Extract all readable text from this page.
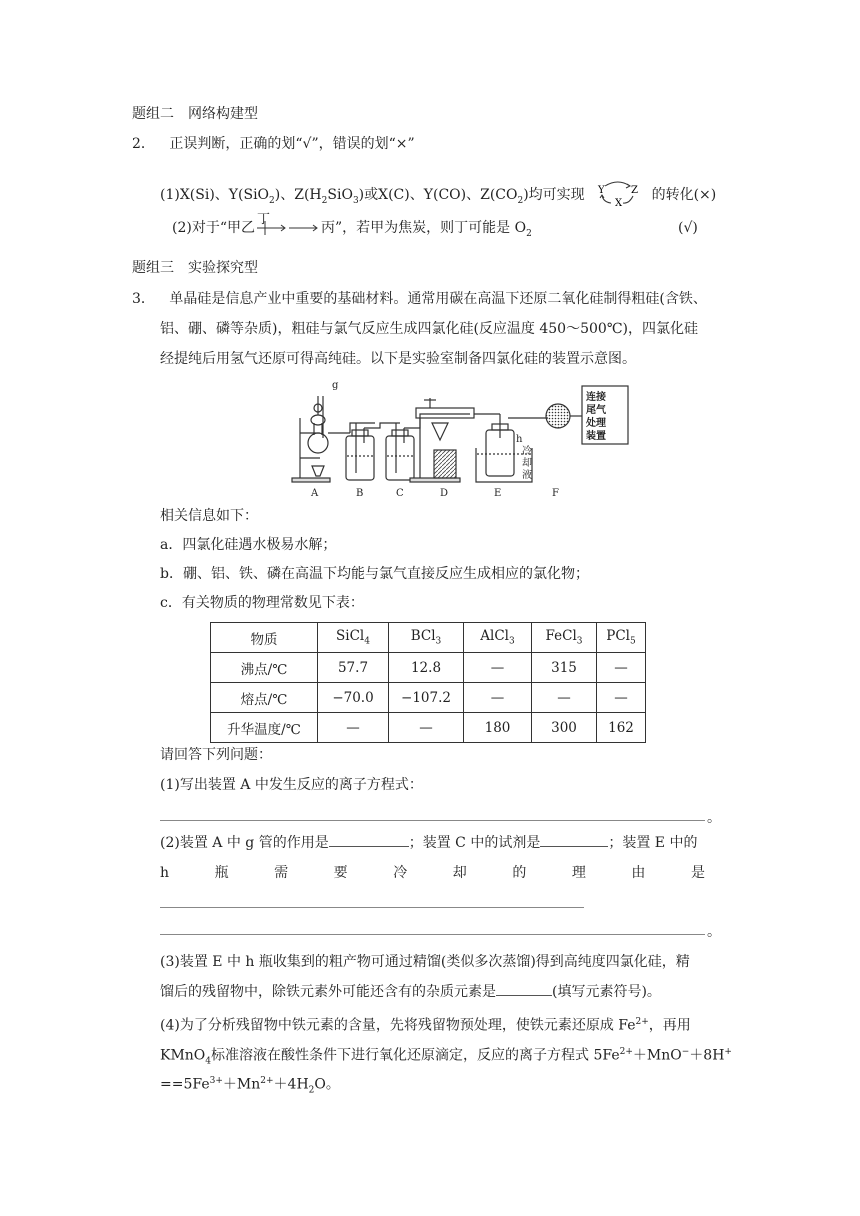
题组二　网络构建型
2． 正误判断，正确的划“√”，错误的划“×”
(1)X(Si)、Y(SiO$_2$)、$Z(H_2SiO_3)$或X(C)、Y(CO)、$Z(CO_2)$均可实现 Y	Z
X
的转化(×)
(2)对于“甲乙
丁
丙”，若甲为焦炭，则丁可能是 $O_2$	(√)
题组三　实验探究型
3． 单晶硅是信息产业中重要的基础材料。通常用碳在高温下还原二氧化硅制得粗硅(含铁、
铝、硼、磷等杂质)，粗硅与氯气反应生成四氯化硅(反应温度 450～500℃)，四氯化硅
经提纯后用氢气还原可得高纯硅。以下是实验室制备四氯化硅的装置示意图。
g
h
冷
却
液
A	B	C	D	E	F
连接
尾气
处理
装置
相关信息如下：
a．四氯化硅遇水极易水解；
b．硼、铝、铁、磷在高温下均能与氯气直接反应生成相应的氯化物；
c．有关物质的物理常数见下表：
物质	SiCl$_4$	BCl$_3$	AlCl$_3$	FeCl$_3$	PCl$_5$
沸点/℃	57.7	12.8	—	315	—
熔点/℃	−70.0	−107.2	—	—	—
升华温度/℃	—	—	180	300	162
请回答下列问题：
(1)写出装置 A 中发生反应的离子方程式：
。
(2)装置 A 中 g 管的作用是	；装置 C 中的试剂是	；装置 E 中的
h	瓶	需	要	冷	却	的	理	由	是
。
(3)装置 E 中 h 瓶收集到的粗产物可通过精馏(类似多次蒸馏)得到高纯度四氯化硅，精
馏后的残留物中，除铁元素外可能还含有的杂质元素是	(填写元素符号)。
(4)为了分析残留物中铁元素的含量，先将残留物预处理，使铁元素还原成 $Fe^{2+}$，再用
KMnO$_4$标准溶液在酸性条件下进行氧化还原滴定，反应的离子方程式 $5Fe^{2+}+MnO^-+8H^+$
$==5Fe^{3+}+Mn^{2+}+4H_2O$。
